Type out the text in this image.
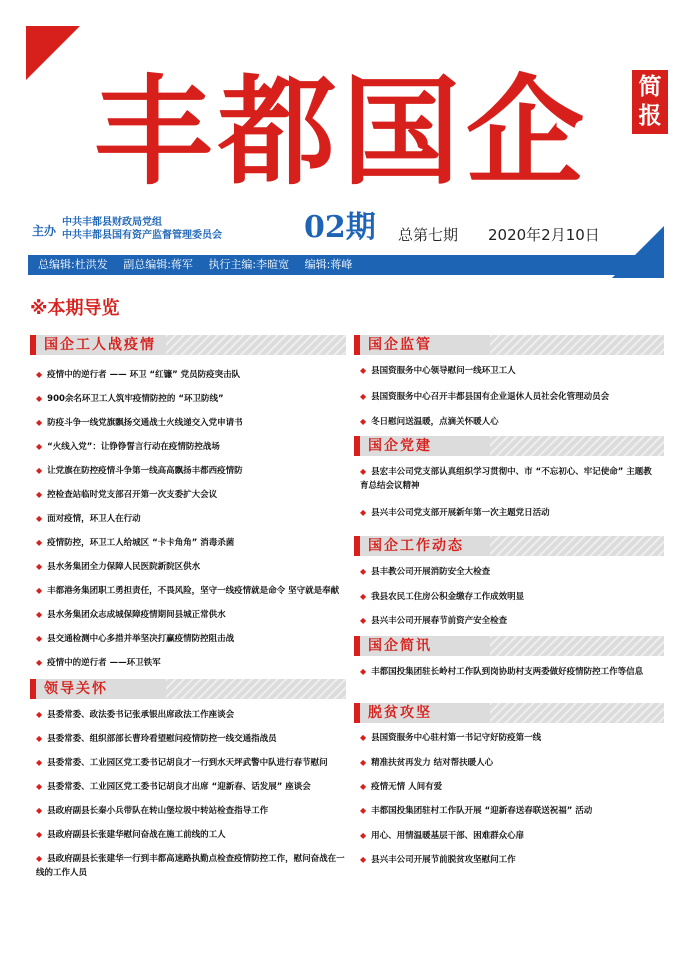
丰都国企 简报
主办
中共丰都县财政局党组
中共丰都县国有资产监督管理委员会	02期 总第七期 2020年2月10日
总编辑:杜洪发 副总编辑:蒋军 执行主编:李暄宽 编辑:蒋峰
※本期导览
国企工人战疫情
◆ 疫情中的逆行者 —— 环卫 “红镰” 党员防疫突击队
◆ 900余名环卫工人筑牢疫情防控的 “环卫防线”
◆ 防疫斗争一线党旗飘扬交通战士火线递交入党申请书
◆ “火线入党”：让铮铮誓言行动在疫情防控战场
◆ 让党旗在防控疫情斗争第一线高高飘扬丰都西疫情防
◆ 控检查站临时党支部召开第一次支委扩大会议
◆ 面对疫情，环卫人在行动
◆ 疫情防控，环卫工人给城区 “卡卡角角” 消毒杀菌
◆ 县水务集团全力保障人民医院新院区供水
◆ 丰都港务集团职工勇担责任，不畏风险，坚守一线疫情就是命令 坚守就是奉献
◆ 县水务集团众志成城保障疫情期间县城正常供水
◆ 县交通检测中心多措并举坚决打赢疫情防控阻击战
◆ 疫情中的逆行者 ——环卫铁军
领导关怀
◆ 县委常委、政法委书记张承银出席政法工作座谈会
◆ 县委常委、组织部部长曹玲看望慰问疫情防控一线交通指战员
◆ 县委常委、工业园区党工委书记胡良才一行到水天坪武警中队进行春节慰问
◆ 县委常委、工业园区党工委书记胡良才出席 “迎新春、话发展” 座谈会
◆ 县政府副县长秦小兵带队在转山堡垃圾中转站检查指导工作
◆ 县政府副县长张建华慰问奋战在施工前线的工人
◆ 县政府副县长张建华一行到丰都高速路执勤点检查疫情防控工作，慰问奋战在一线的工作人员
国企监管
◆ 县国资服务中心领导慰问一线环卫工人
◆ 县国资服务中心召开丰都县国有企业退休人员社会化管理动员会
◆ 冬日慰问送温暖，点滴关怀暖人心
国企党建
◆ 县宏丰公司党支部认真组织学习贯彻中、市 “不忘初心、牢记使命” 主题教育总结会议精神
◆ 县兴丰公司党支部开展新年第一次主题党日活动
国企工作动态
◆ 县丰教公司开展消防安全大检查
◆ 我县农民工住房公积金缴存工作成效明显
◆ 县兴丰公司开展春节前资产安全检查
国企简讯
◆ 丰都国投集团驻长岭村工作队到岗协助村支两委做好疫情防控工作等信息
脱贫攻坚
◆ 县国资服务中心驻村第一书记守好防疫第一线
◆ 精准扶贫再发力 结对帮扶暖人心
◆ 疫情无情 人间有爱
◆ 丰都国投集团驻村工作队开展 “迎新春送春联送祝福” 活动
◆ 用心、用情温暖基层干部、困难群众心扉
◆ 县兴丰公司开展节前脱贫攻坚慰问工作
